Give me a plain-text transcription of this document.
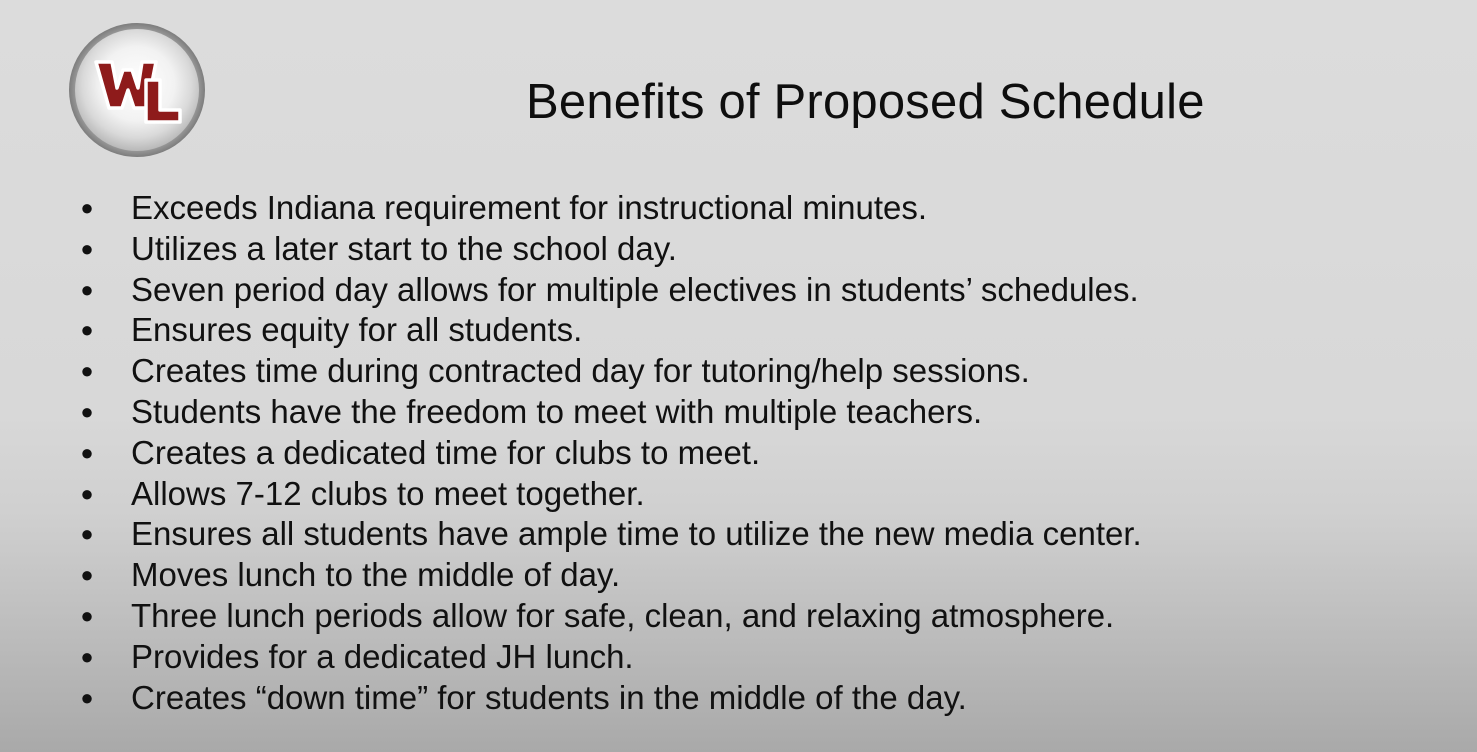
Benefits of Proposed Schedule
● Exceeds Indiana requirement for instructional minutes.
● Utilizes a later start to the school day.
● Seven period day allows for multiple electives in students’ schedules.
● Ensures equity for all students.
● Creates time during contracted day for tutoring/help sessions.
● Students have the freedom to meet with multiple teachers.
● Creates a dedicated time for clubs to meet.
● Allows 7-12 clubs to meet together.
● Ensures all students have ample time to utilize the new media center.
● Moves lunch to the middle of day.
● Three lunch periods allow for safe, clean, and relaxing atmosphere.
● Provides for a dedicated JH lunch.
● Creates “down time” for students in the middle of the day.
